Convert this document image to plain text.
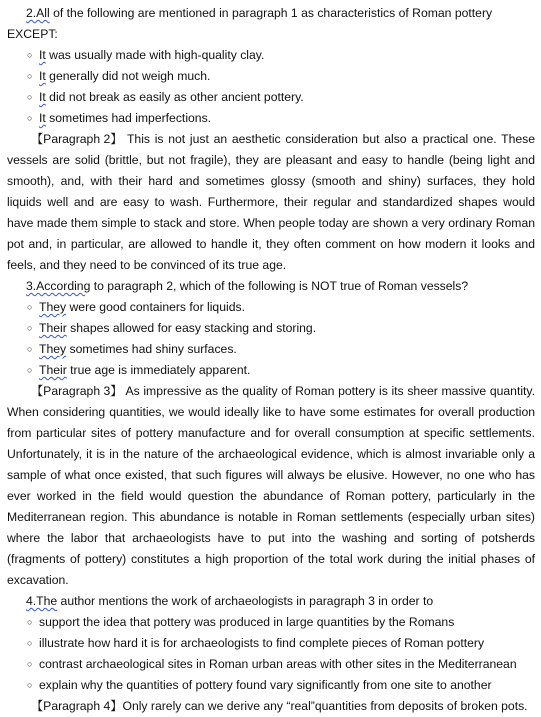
2.All of the following are mentioned in paragraph 1 as characteristics of Roman pottery
EXCEPT:
○ It was usually made with high-quality clay.
○ It generally did not weigh much.
○ It did not break as easily as other ancient pottery.
○ It sometimes had imperfections.

【Paragraph 2】 This is not just an aesthetic consideration but also a practical one. These vessels are solid (brittle, but not fragile), they are pleasant and easy to handle (being light and smooth), and, with their hard and sometimes glossy (smooth and shiny) surfaces, they hold liquids well and are easy to wash. Furthermore, their regular and standardized shapes would have made them simple to stack and store. When people today are shown a very ordinary Roman pot and, in particular, are allowed to handle it, they often comment on how modern it looks and feels, and they need to be convinced of its true age.

3.According to paragraph 2, which of the following is NOT true of Roman vessels?
○ They were good containers for liquids.
○ Their shapes allowed for easy stacking and storing.
○ They sometimes had shiny surfaces.
○ Their true age is immediately apparent.

【Paragraph 3】 As impressive as the quality of Roman pottery is its sheer massive quantity. When considering quantities, we would ideally like to have some estimates for overall production from particular sites of pottery manufacture and for overall consumption at specific settlements. Unfortunately, it is in the nature of the archaeological evidence, which is almost invariable only a sample of what once existed, that such figures will always be elusive. However, no one who has ever worked in the field would question the abundance of Roman pottery, particularly in the Mediterranean region. This abundance is notable in Roman settlements (especially urban sites) where the labor that archaeologists have to put into the washing and sorting of potsherds (fragments of pottery) constitutes a high proportion of the total work during the initial phases of excavation.

4.The author mentions the work of archaeologists in paragraph 3 in order to
○ support the idea that pottery was produced in large quantities by the Romans
○ illustrate how hard it is for archaeologists to find complete pieces of Roman pottery
○ contrast archaeological sites in Roman urban areas with other sites in the Mediterranean
○ explain why the quantities of pottery found vary significantly from one site to another

【Paragraph 4】Only rarely can we derive any “real”quantities from deposits of broken pots.
